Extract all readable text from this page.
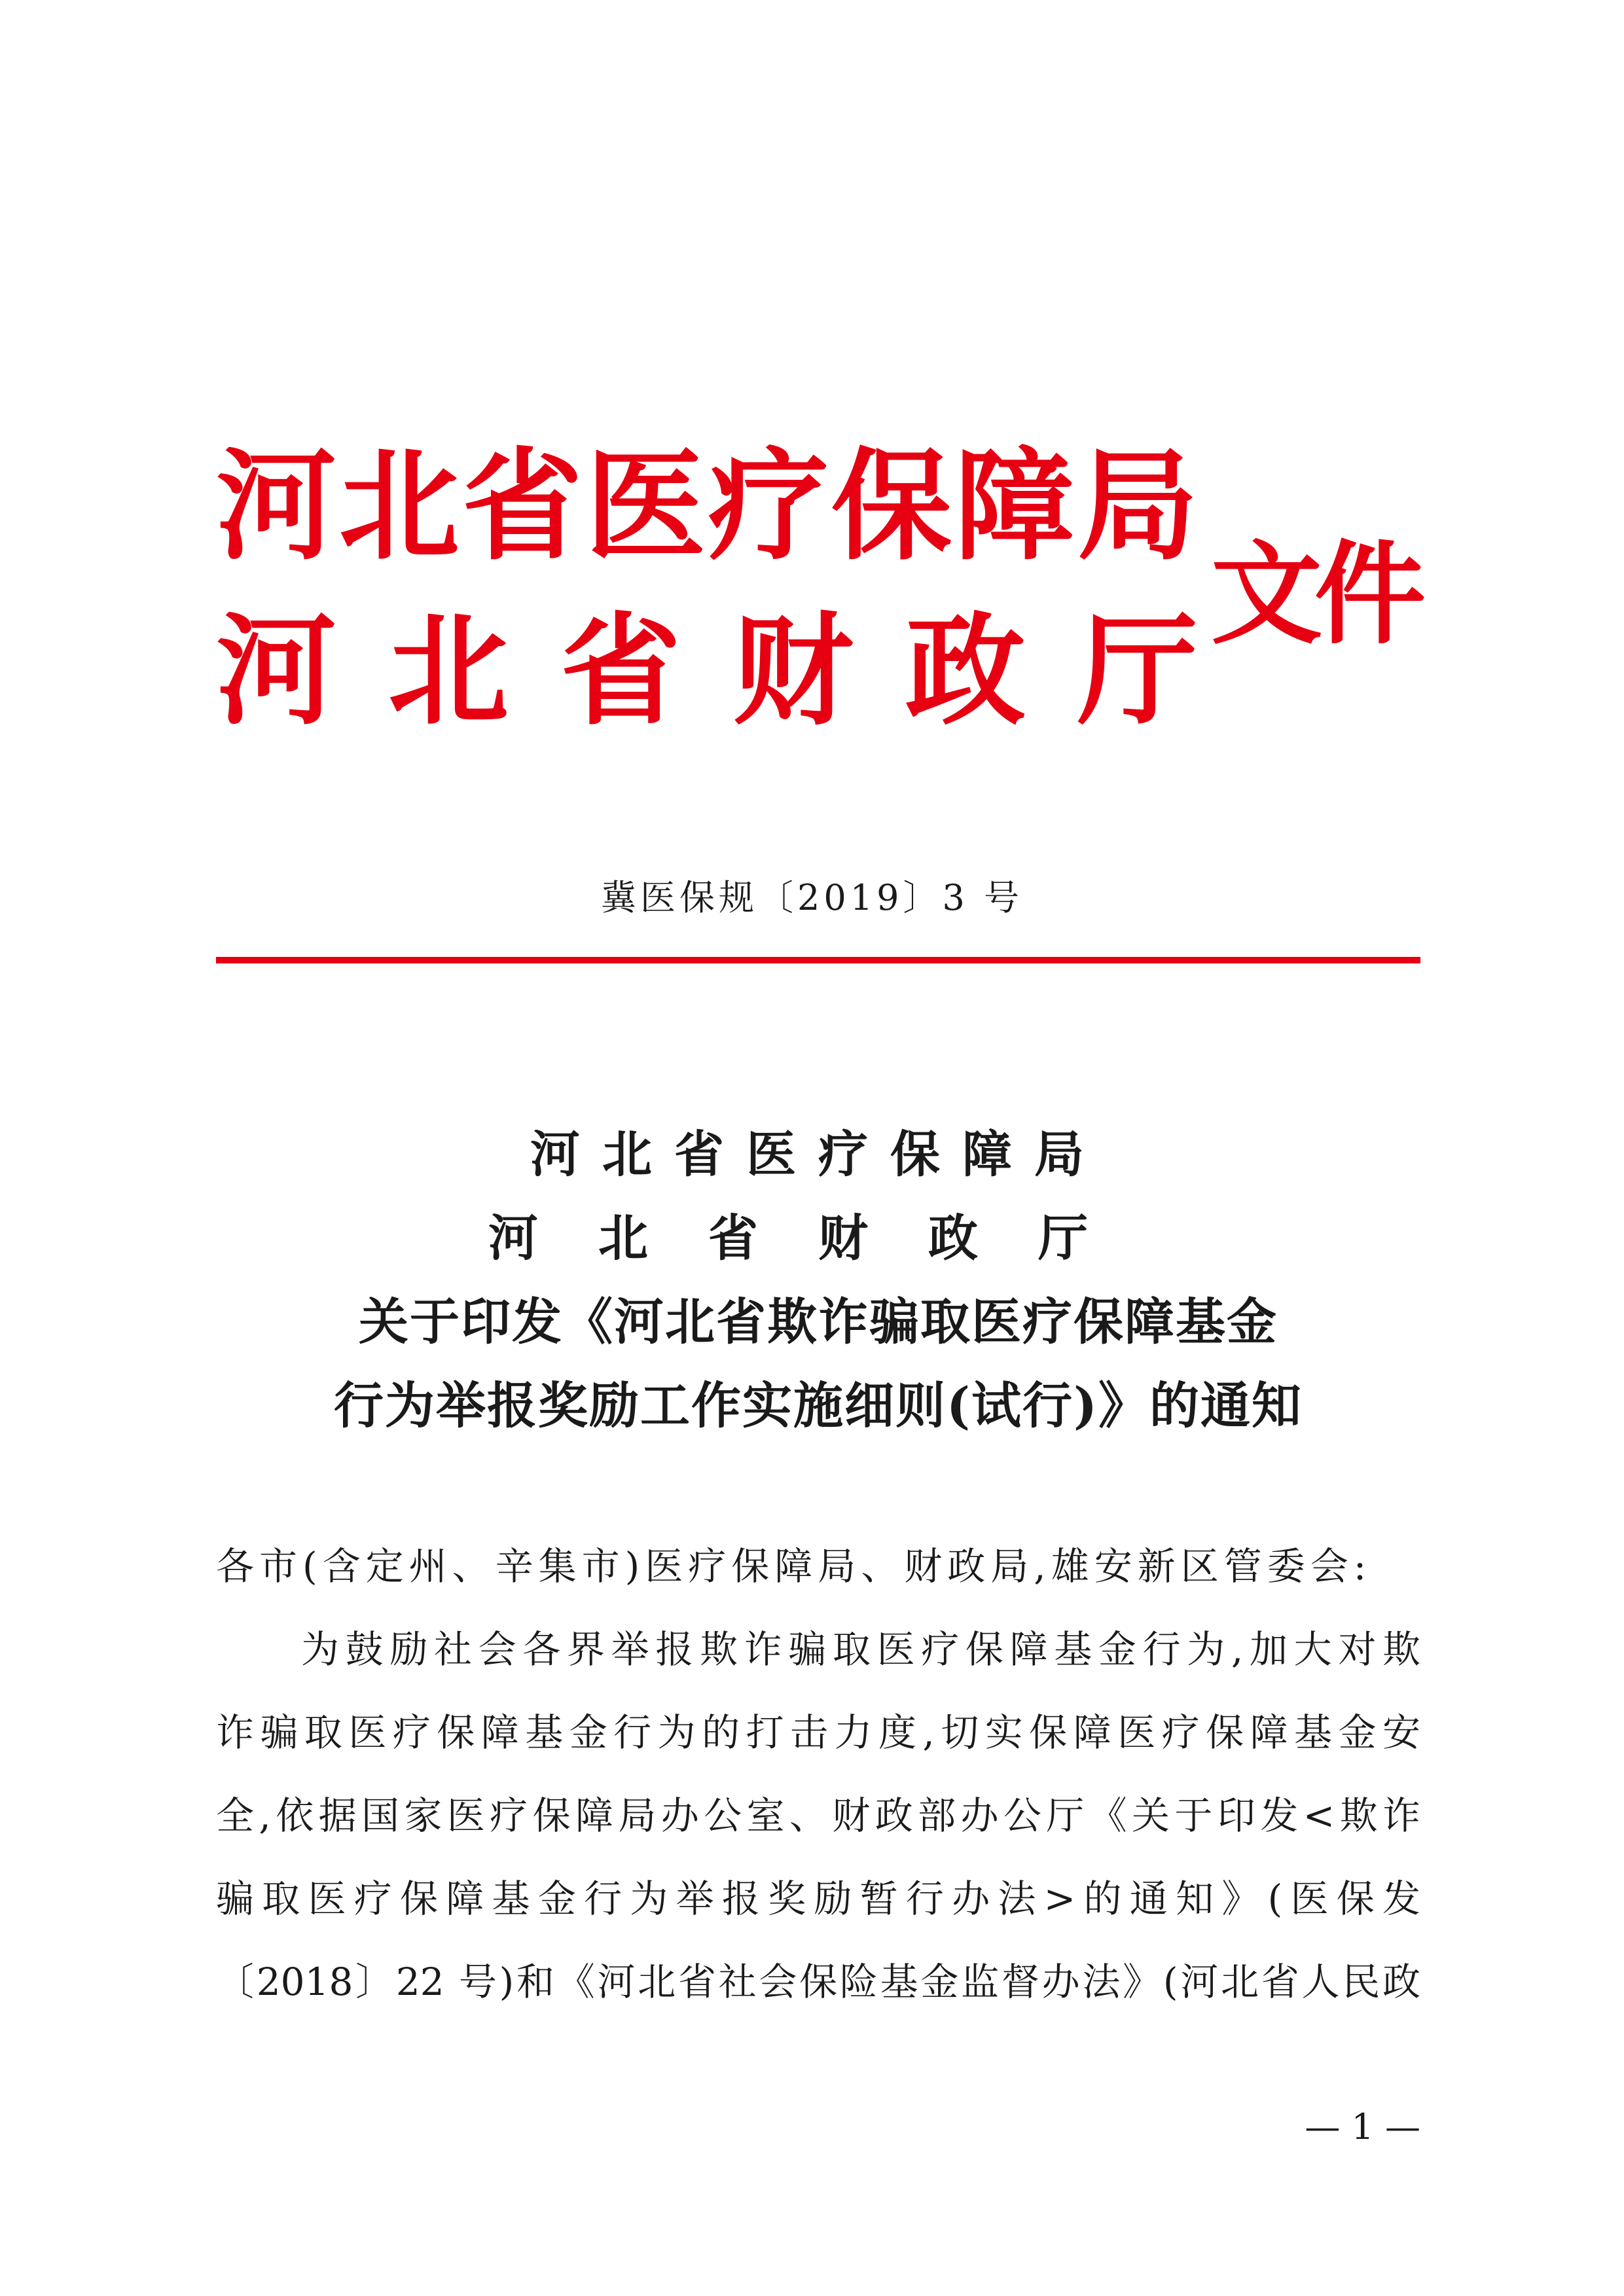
河北省医疗保障局

河北省财政厅

文件

冀医保规〔2019〕3 号

河北省医疗保障局

河北省财政厅

关于印发《河北省欺诈骗取医疗保障基金

行为举报奖励工作实施细则(试行)》的通知

各市(含定州、辛集市)医疗保障局、财政局,雄安新区管委会:

为鼓励社会各界举报欺诈骗取医疗保障基金行为,加大对欺

诈骗取医疗保障基金行为的打击力度,切实保障医疗保障基金安

全,依据国家医疗保障局办公室、财政部办公厅《关于印发<欺诈

骗取医疗保障基金行为举报奖励暂行办法>的通知》(医保发

〔2018〕22 号)和《河北省社会保险基金监督办法》(河北省人民政

— 1 —
